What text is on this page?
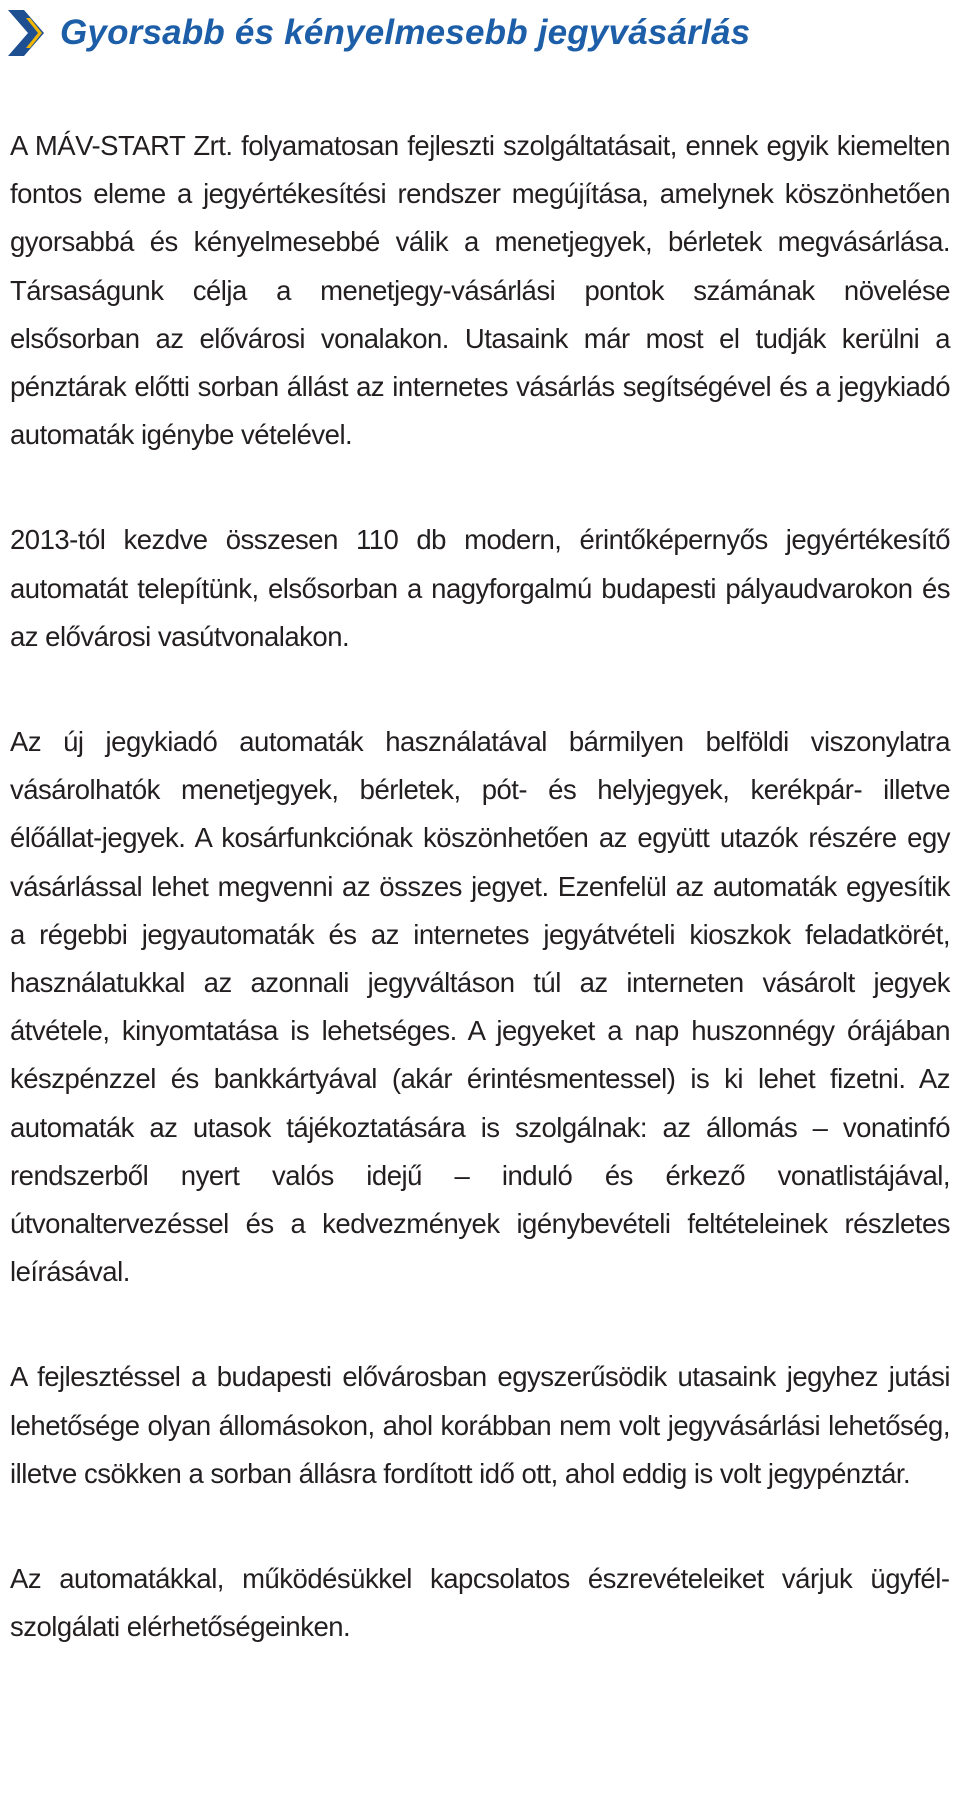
Gyorsabb és kényelmesebb jegyvásárlás

A MÁV-START Zrt. folyamatosan fejleszti szolgáltatásait, ennek egyik kiemelten fontos eleme a jegyértékesítési rendszer megújítása, amelynek köszönhetően gyorsabbá és kényelmesebbé válik a menetjegyek, bérletek megvásárlása. Társaságunk célja a menetjegy-vásárlási pontok számának növelése elsősorban az elővárosi vonalakon. Utasaink már most el tudják kerülni a pénztárak előtti sorban állást az internetes vásárlás segítségével és a jegykiadó automaták igénybe vételével.

2013-tól kezdve összesen 110 db modern, érintőképernyős jegyértékesítő automatát telepítünk, elsősorban a nagyforgalmú budapesti pályaudvarokon és az elővárosi vasútvonalakon.

Az új jegykiadó automaták használatával bármilyen belföldi viszonylatra vásárolhatók menetjegyek, bérletek, pót- és helyjegyek, kerékpár- illetve élőállat-jegyek. A kosárfunkciónak köszönhetően az együtt utazók részére egy vásárlással lehet megvenni az összes jegyet. Ezenfelül az automaták egyesítik a régebbi jegyautomaták és az internetes jegyátvételi kioszkok feladatkörét, használatukkal az azonnali jegyváltáson túl az interneten vásárolt jegyek átvétele, kinyomtatása is lehetséges. A jegyeket a nap huszonnégy órájában készpénzzel és bankkártyával (akár érintésmentessel) is ki lehet fizetni. Az automaták az utasok tájékoztatására is szolgálnak: az állomás – vonatinfó rendszerből nyert valós idejű – induló és érkező vonatlistájával, útvonaltervezéssel és a kedvezmények igénybevételi feltételeinek részletes leírásával.

A fejlesztéssel a budapesti elővárosban egyszerűsödik utasaink jegyhez jutási lehetősége olyan állomásokon, ahol korábban nem volt jegyvásárlási lehetőség, illetve csökken a sorban állásra fordított idő ott, ahol eddig is volt jegypénztár.

Az automatákkal, működésükkel kapcsolatos észrevételeiket várjuk ügyfélszolgálati elérhetőségeinken.
